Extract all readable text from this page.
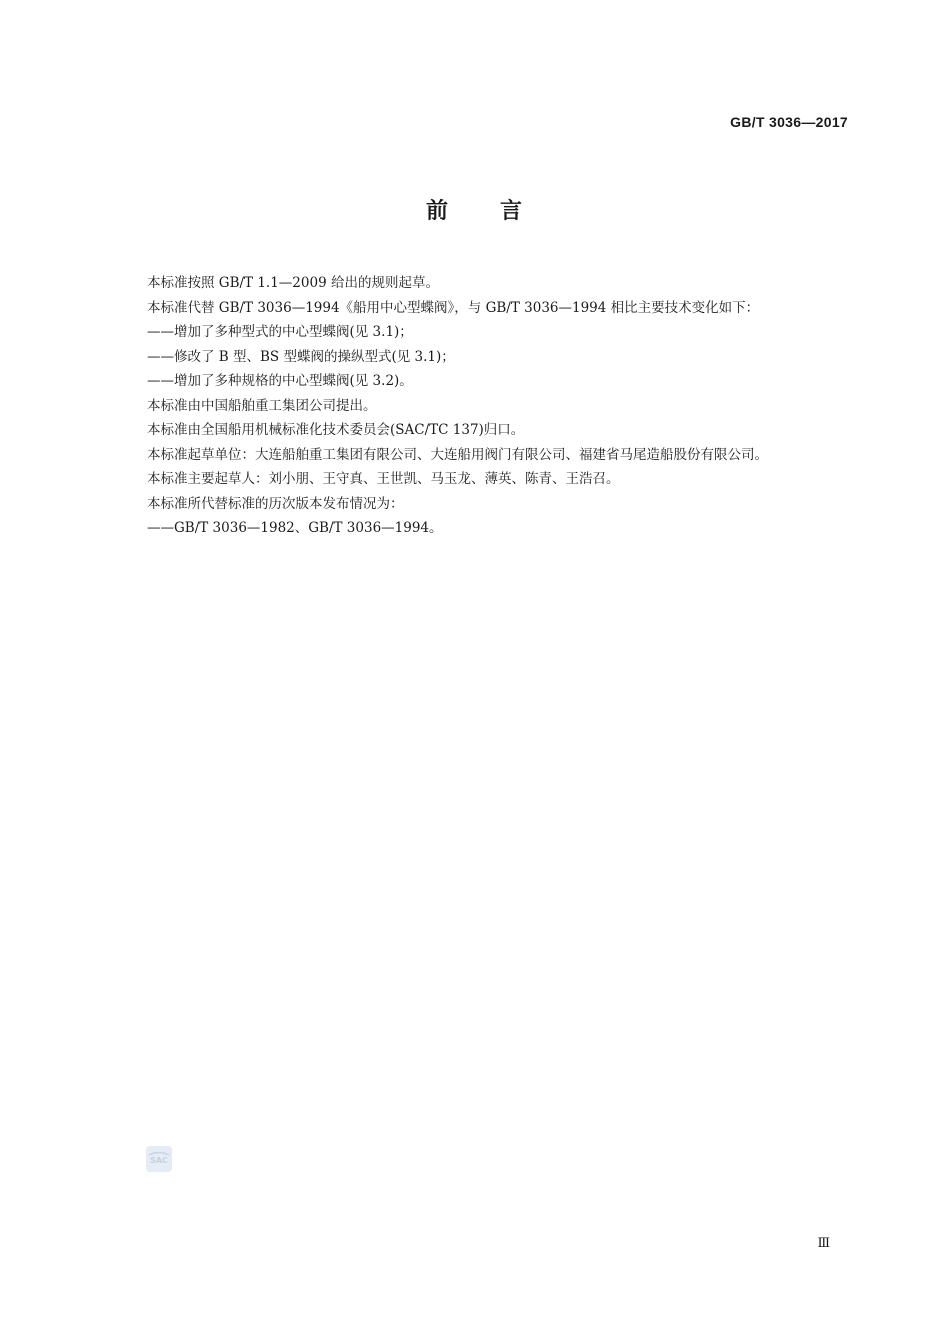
GB/T 3036—2017
前 言

本标准按照 GB/T 1.1—2009 给出的规则起草。

本标准代替 GB/T 3036—1994《船用中心型蝶阀》，与 GB/T 3036—1994 相比主要技术变化如下：

——增加了多种型式的中心型蝶阀(见 3.1)；

——修改了 B 型、BS 型蝶阀的操纵型式(见 3.1)；

——增加了多种规格的中心型蝶阀(见 3.2)。

本标准由中国船舶重工集团公司提出。

本标准由全国船用机械标准化技术委员会(SAC/TC 137)归口。

本标准起草单位：大连船舶重工集团有限公司、大连船用阀门有限公司、福建省马尾造船股份有限公司。

本标准主要起草人：刘小朋、王守真、王世凯、马玉龙、薄英、陈青、王浩召。

本标准所代替标准的历次版本发布情况为：

——GB/T 3036—1982、GB/T 3036—1994。

SAC
Ⅲ
